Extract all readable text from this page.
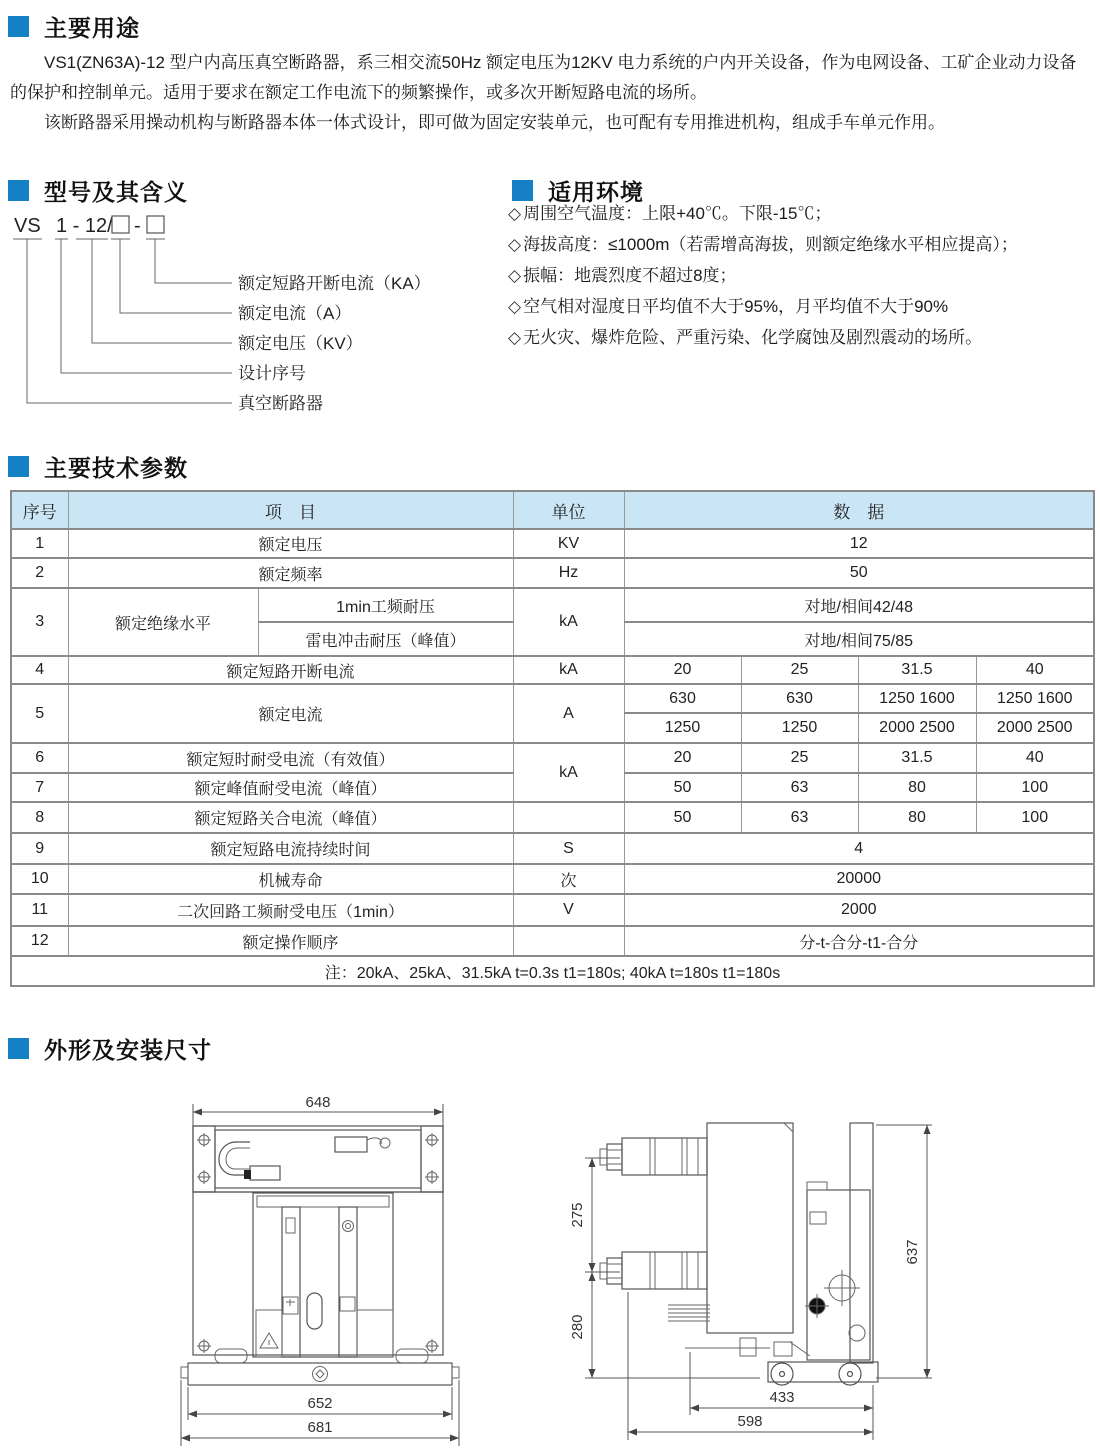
主要用途

VS1(ZN63A)-12 型户内高压真空断路器，系三相交流50Hz 额定电压为12KV 电力系统的户内开关设备，作为电网设备、工矿企业动力设备 的保护和控制单元。适用于要求在额定工作电流下的频繁操作，或多次开断短路电流的场所。

该断路器采用操动机构与断路器本体一体式设计，即可做为固定安装单元，也可配有专用推进机构，组成手车单元作用。

型号及其含义
VS 1 - 12/ -
额定短路开断电流（KA）
额定电流（A）
额定电压（KV）
设计序号
真空断路器
适用环境
◇ 周围空气温度：上限+40℃。下限-15℃；
◇ 海拔高度：≤1000m（若需增高海拔，则额定绝缘水平相应提高）；
◇ 振幅：地震烈度不超过8度；
◇ 空气相对湿度日平均值不大于95%，月平均值不大于90%
◇ 无火灾、爆炸危险、严重污染、化学腐蚀及剧烈震动的场所。
主要技术参数
序号	项　目		单位	数　据			
1	额定电压		KV	12			
2	额定频率		Hz	50			
3	额定绝缘水平	1min工频耐压	kA	对地/相间42/48			
		雷电冲击耐压（峰值）		对地/相间75/85			
4	额定短路开断电流		kA	20	25	31.5	40
5	额定电流		A	630	630	1250 1600	1250 1600
				1250	1250	2000 2500	2000 2500
6	额定短时耐受电流（有效值）		kA	20	25	31.5	40
7	额定峰值耐受电流（峰值）			50	63	80	100
8	额定短路关合电流（峰值）			50	63	80	100
9	额定短路电流持续时间		S	4			
10	机械寿命		次	20000			
11	二次回路工频耐受电压（1min）		V	2000			
12	额定操作顺序			分-t-合分-t1-合分			
注：20kA、25kA、31.5kA t=0.3s t1=180s; 40kA t=180s t1=180s							
外形及安装尺寸
648
652
681
275
280
637
433
598
